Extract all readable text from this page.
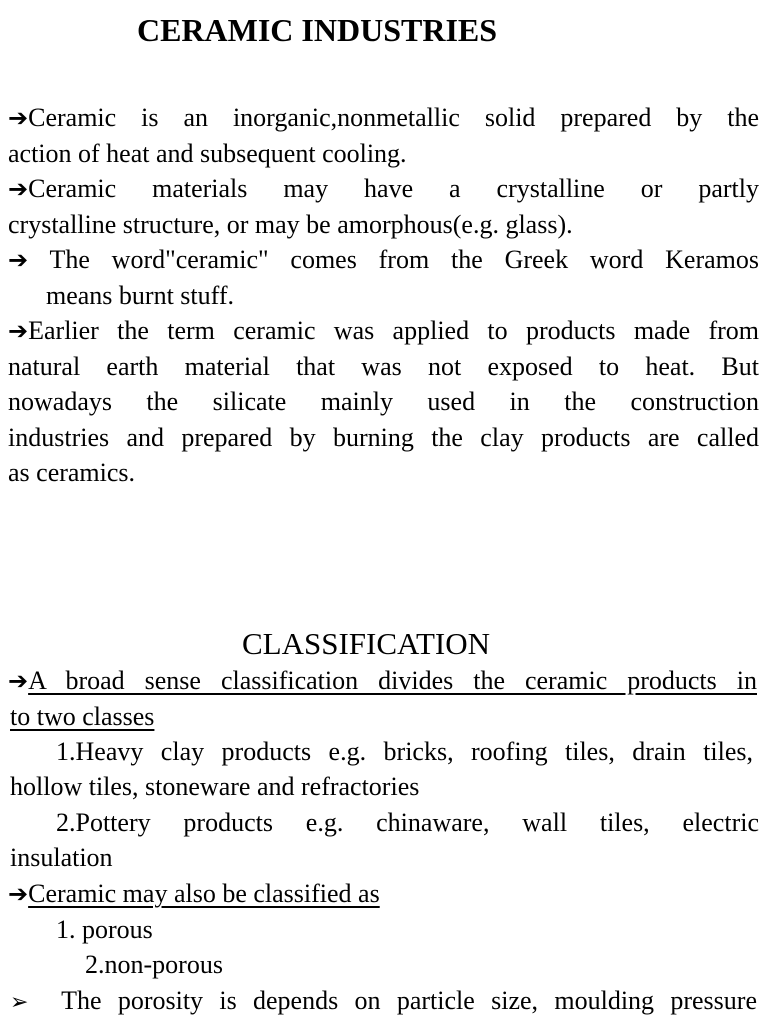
CERAMIC INDUSTRIES
➔Ceramic is an inorganic,nonmetallic solid prepared by the
action of heat and subsequent cooling.
➔Ceramic materials may have a crystalline or partly
crystalline structure, or may be amorphous(e.g. glass).
➔ The word"ceramic" comes from the Greek word Keramos
means burnt stuff.
➔Earlier the term ceramic was applied to products made from
natural earth material that was not exposed to heat. But
nowadays the silicate mainly used in the construction
industries and prepared by burning the clay products are called
as ceramics.
CLASSIFICATION
➔A broad sense classification divides the ceramic products in
to two classes
1.Heavy clay products e.g. bricks, roofing tiles, drain tiles,
hollow tiles, stoneware and refractories
2.Pottery products e.g. chinaware, wall tiles, electric
insulation
➔Ceramic may also be classified as
1. porous
2.non-porous
➢ The porosity is depends on particle size, moulding pressure
